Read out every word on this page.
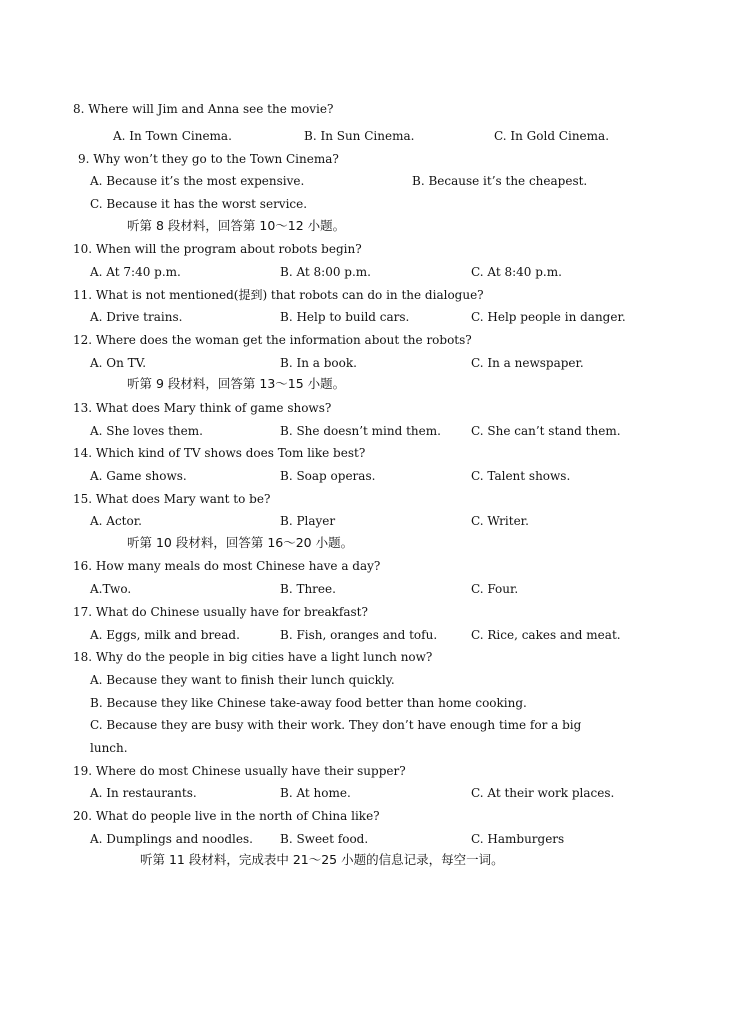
8. Where will Jim and Anna see the movie?
A. In Town Cinema.	B. In Sun Cinema.	C. In Gold Cinema.
9. Why won’t they go to the Town Cinema?
A. Because it’s the most expensive.	B. Because it’s the cheapest.
C. Because it has the worst service.
听第 8 段材料，回答第 10～12 小题。
10. When will the program about robots begin?
A. At 7:40 p.m.	B. At 8:00 p.m.	C. At 8:40 p.m.
11. What is not mentioned(提到) that robots can do in the dialogue?
A. Drive trains.	B. Help to build cars.	C. Help people in danger.
12. Where does the woman get the information about the robots?
A. On TV.	B. In a book.	C. In a newspaper.
听第 9 段材料，回答第 13～15 小题。
13. What does Mary think of game shows?
A. She loves them.	B. She doesn’t mind them.	C. She can’t stand them.
14. Which kind of TV shows does Tom like best?
A. Game shows.	B. Soap operas.	C. Talent shows.
15. What does Mary want to be?
A. Actor.	B. Player	C. Writer.
听第 10 段材料，回答第 16～20 小题。
16. How many meals do most Chinese have a day?
A.Two.	B. Three.	C. Four.
17. What do Chinese usually have for breakfast?
A. Eggs, milk and bread.	B. Fish, oranges and tofu.	C. Rice, cakes and meat.
18. Why do the people in big cities have a light lunch now?
A. Because they want to finish their lunch quickly.
B. Because they like Chinese take-away food better than home cooking.
C. Because they are busy with their work. They don’t have enough time for a big
lunch.
19. Where do most Chinese usually have their supper?
A. In restaurants.	B. At home.	C. At their work places.
20. What do people live in the north of China like?
A. Dumplings and noodles. B. Sweet food.	C. Hamburgers
听第 11 段材料，完成表中 21～25 小题的信息记录，每空一词。
